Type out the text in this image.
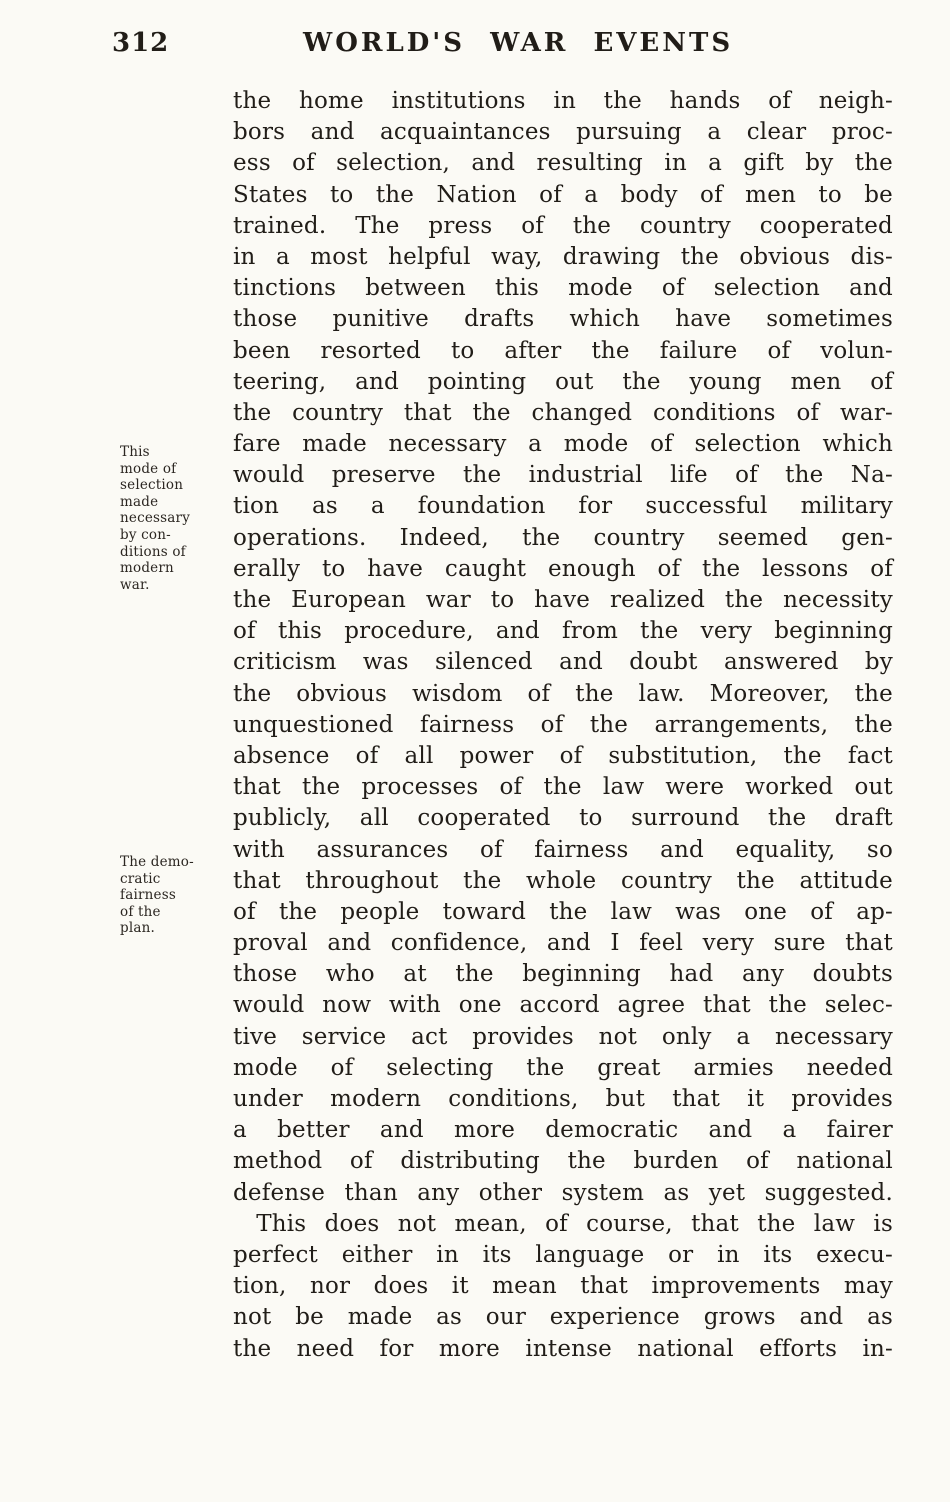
312	WORLD'S WAR EVENTS
This
mode of
selection
made
necessary
by con-
ditions of
modern
war.
The demo-
cratic
fairness
of the
plan.
the home institutions in the hands of neigh-
bors and acquaintances pursuing a clear proc-
ess of selection, and resulting in a gift by the
States to the Nation of a body of men to be
trained. The press of the country cooperated
in a most helpful way, drawing the obvious dis-
tinctions between this mode of selection and
those punitive drafts which have sometimes
been resorted to after the failure of volun-
teering, and pointing out the young men of
the country that the changed conditions of war-
fare made necessary a mode of selection which
would preserve the industrial life of the Na-
tion as a foundation for successful military
operations. Indeed, the country seemed gen-
erally to have caught enough of the lessons of
the European war to have realized the necessity
of this procedure, and from the very beginning
criticism was silenced and doubt answered by
the obvious wisdom of the law. Moreover, the
unquestioned fairness of the arrangements, the
absence of all power of substitution, the fact
that the processes of the law were worked out
publicly, all cooperated to surround the draft
with assurances of fairness and equality, so
that throughout the whole country the attitude
of the people toward the law was one of ap-
proval and confidence, and I feel very sure that
those who at the beginning had any doubts
would now with one accord agree that the selec-
tive service act provides not only a necessary
mode of selecting the great armies needed
under modern conditions, but that it provides
a better and more democratic and a fairer
method of distributing the burden of national
defense than any other system as yet suggested.
 This does not mean, of course, that the law is
perfect either in its language or in its execu-
tion, nor does it mean that improvements may
not be made as our experience grows and as
the need for more intense national efforts in-
